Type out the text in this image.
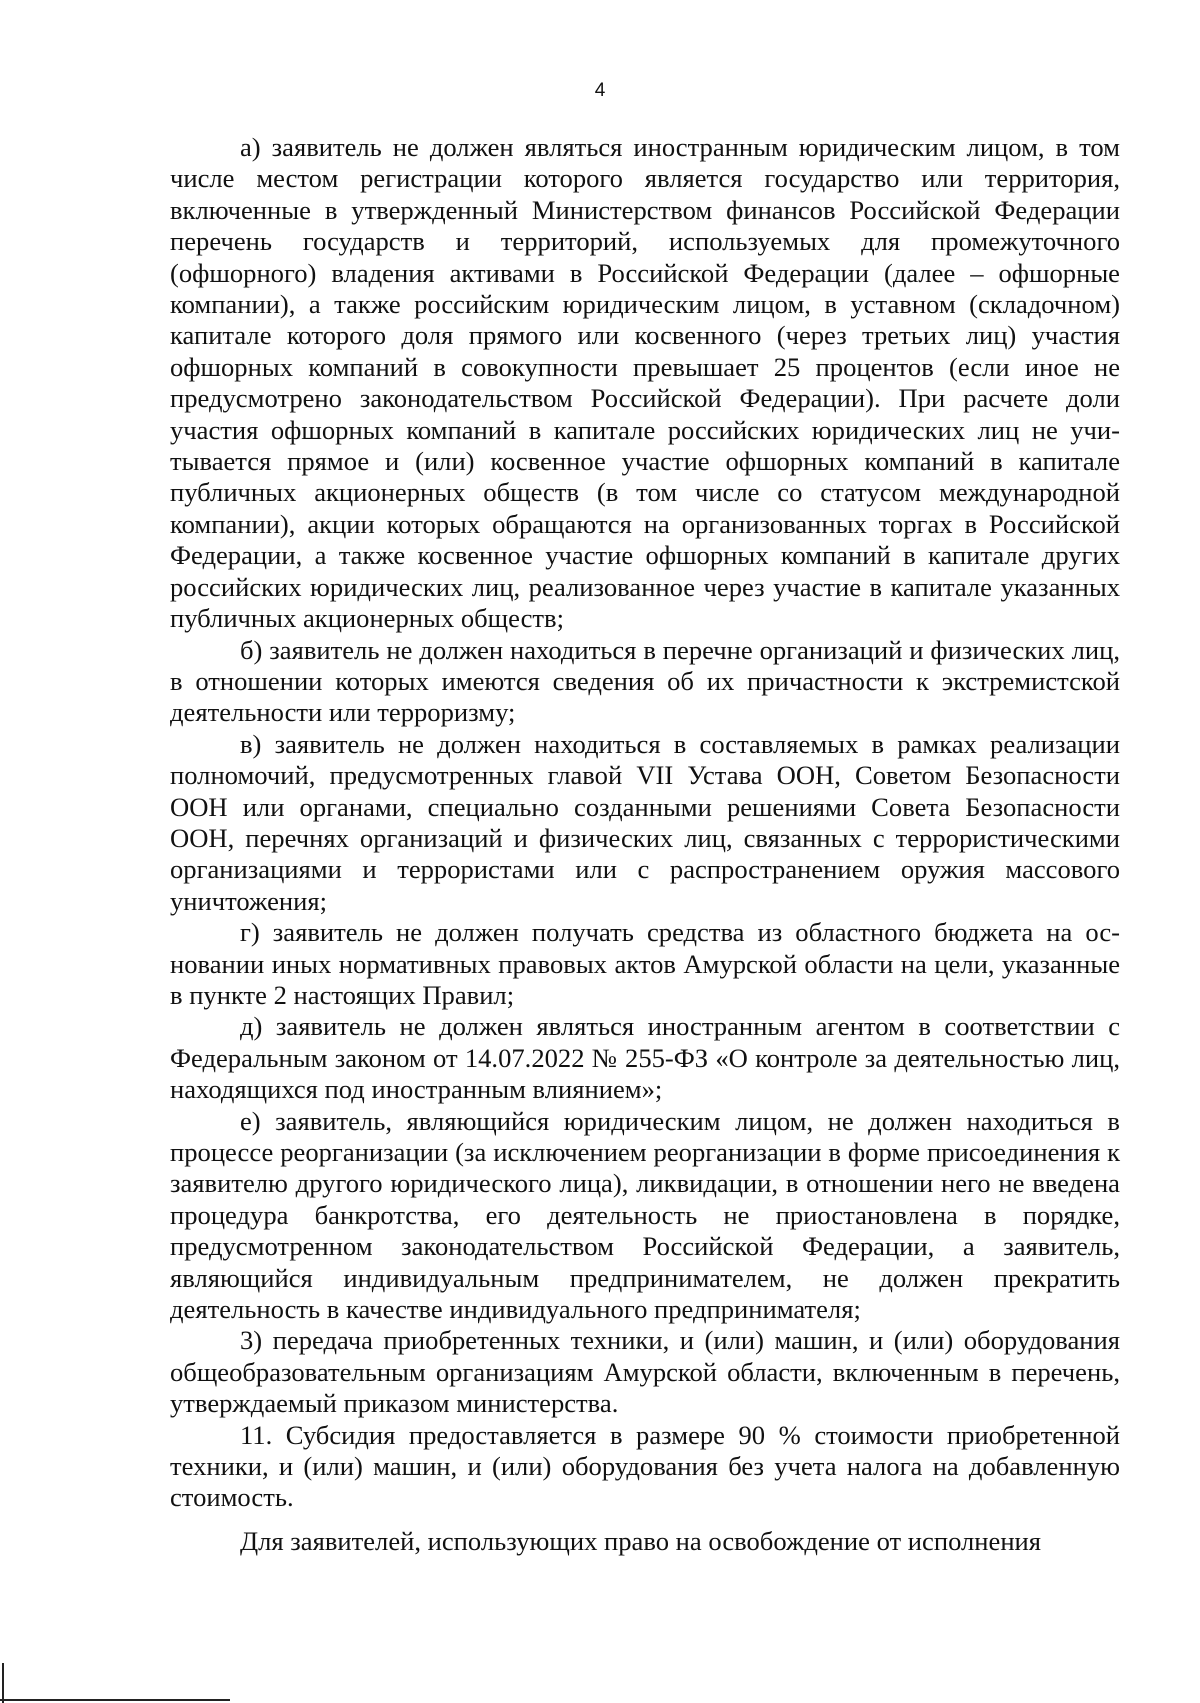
4

а) заявитель не должен являться иностранным юридическим лицом, в том числе местом регистрации которого является государство или территория, включенные в утвержденный Министерством финансов Российской Федерации перечень государств и территорий, используемых для промежуточного (офшорного) владения активами в Российской Федерации (далее – офшорные компании), а также российским юридическим лицом, в уставном (складочном) капитале которого доля прямого или косвенного (через третьих лиц) участия офшорных компаний в совокупности превышает 25 процентов (если иное не предусмотрено законодательством Российской Федерации). При расчете доли участия офшорных компаний в капитале российских юридических лиц не учитывается прямое и (или) косвенное участие офшорных компаний в капитале публичных акционерных обществ (в том числе со статусом международной компании), акции которых обращаются на организованных торгах в Российской Федерации, а также косвенное участие офшорных компаний в капитале других российских юридических лиц, реализованное через участие в капитале указанных публичных акционерных обществ;

б) заявитель не должен находиться в перечне организаций и физических лиц, в отношении которых имеются сведения об их причастности к экстремистской деятельности или терроризму;

в) заявитель не должен находиться в составляемых в рамках реализации полномочий, предусмотренных главой VII Устава ООН, Советом Безопасности ООН или органами, специально созданными решениями Совета Безопасности ООН, перечнях организаций и физических лиц, связанных с террористическими организациями и террористами или с распространением оружия массового уничтожения;

г) заявитель не должен получать средства из областного бюджета на основании иных нормативных правовых актов Амурской области на цели, указанные в пункте 2 настоящих Правил;

д) заявитель не должен являться иностранным агентом в соответствии с Федеральным законом от 14.07.2022 № 255-ФЗ «О контроле за деятельностью лиц, находящихся под иностранным влиянием»;

е) заявитель, являющийся юридическим лицом, не должен находиться в процессе реорганизации (за исключением реорганизации в форме присоединения к заявителю другого юридического лица), ликвидации, в отношении него не введена процедура банкротства, его деятельность не приостановлена в порядке, предусмотренном законодательством Российской Федерации, а заявитель, являющийся индивидуальным предпринимателем, не должен прекратить деятельность в качестве индивидуального предпринимателя;

3) передача приобретенных техники, и (или) машин, и (или) оборудования общеобразовательным организациям Амурской области, включенным в перечень, утверждаемый приказом министерства.

11. Субсидия предоставляется в размере 90 % стоимости приобретенной техники, и (или) машин, и (или) оборудования без учета налога на добавленную стоимость.

Для заявителей, использующих право на освобождение от исполнения
